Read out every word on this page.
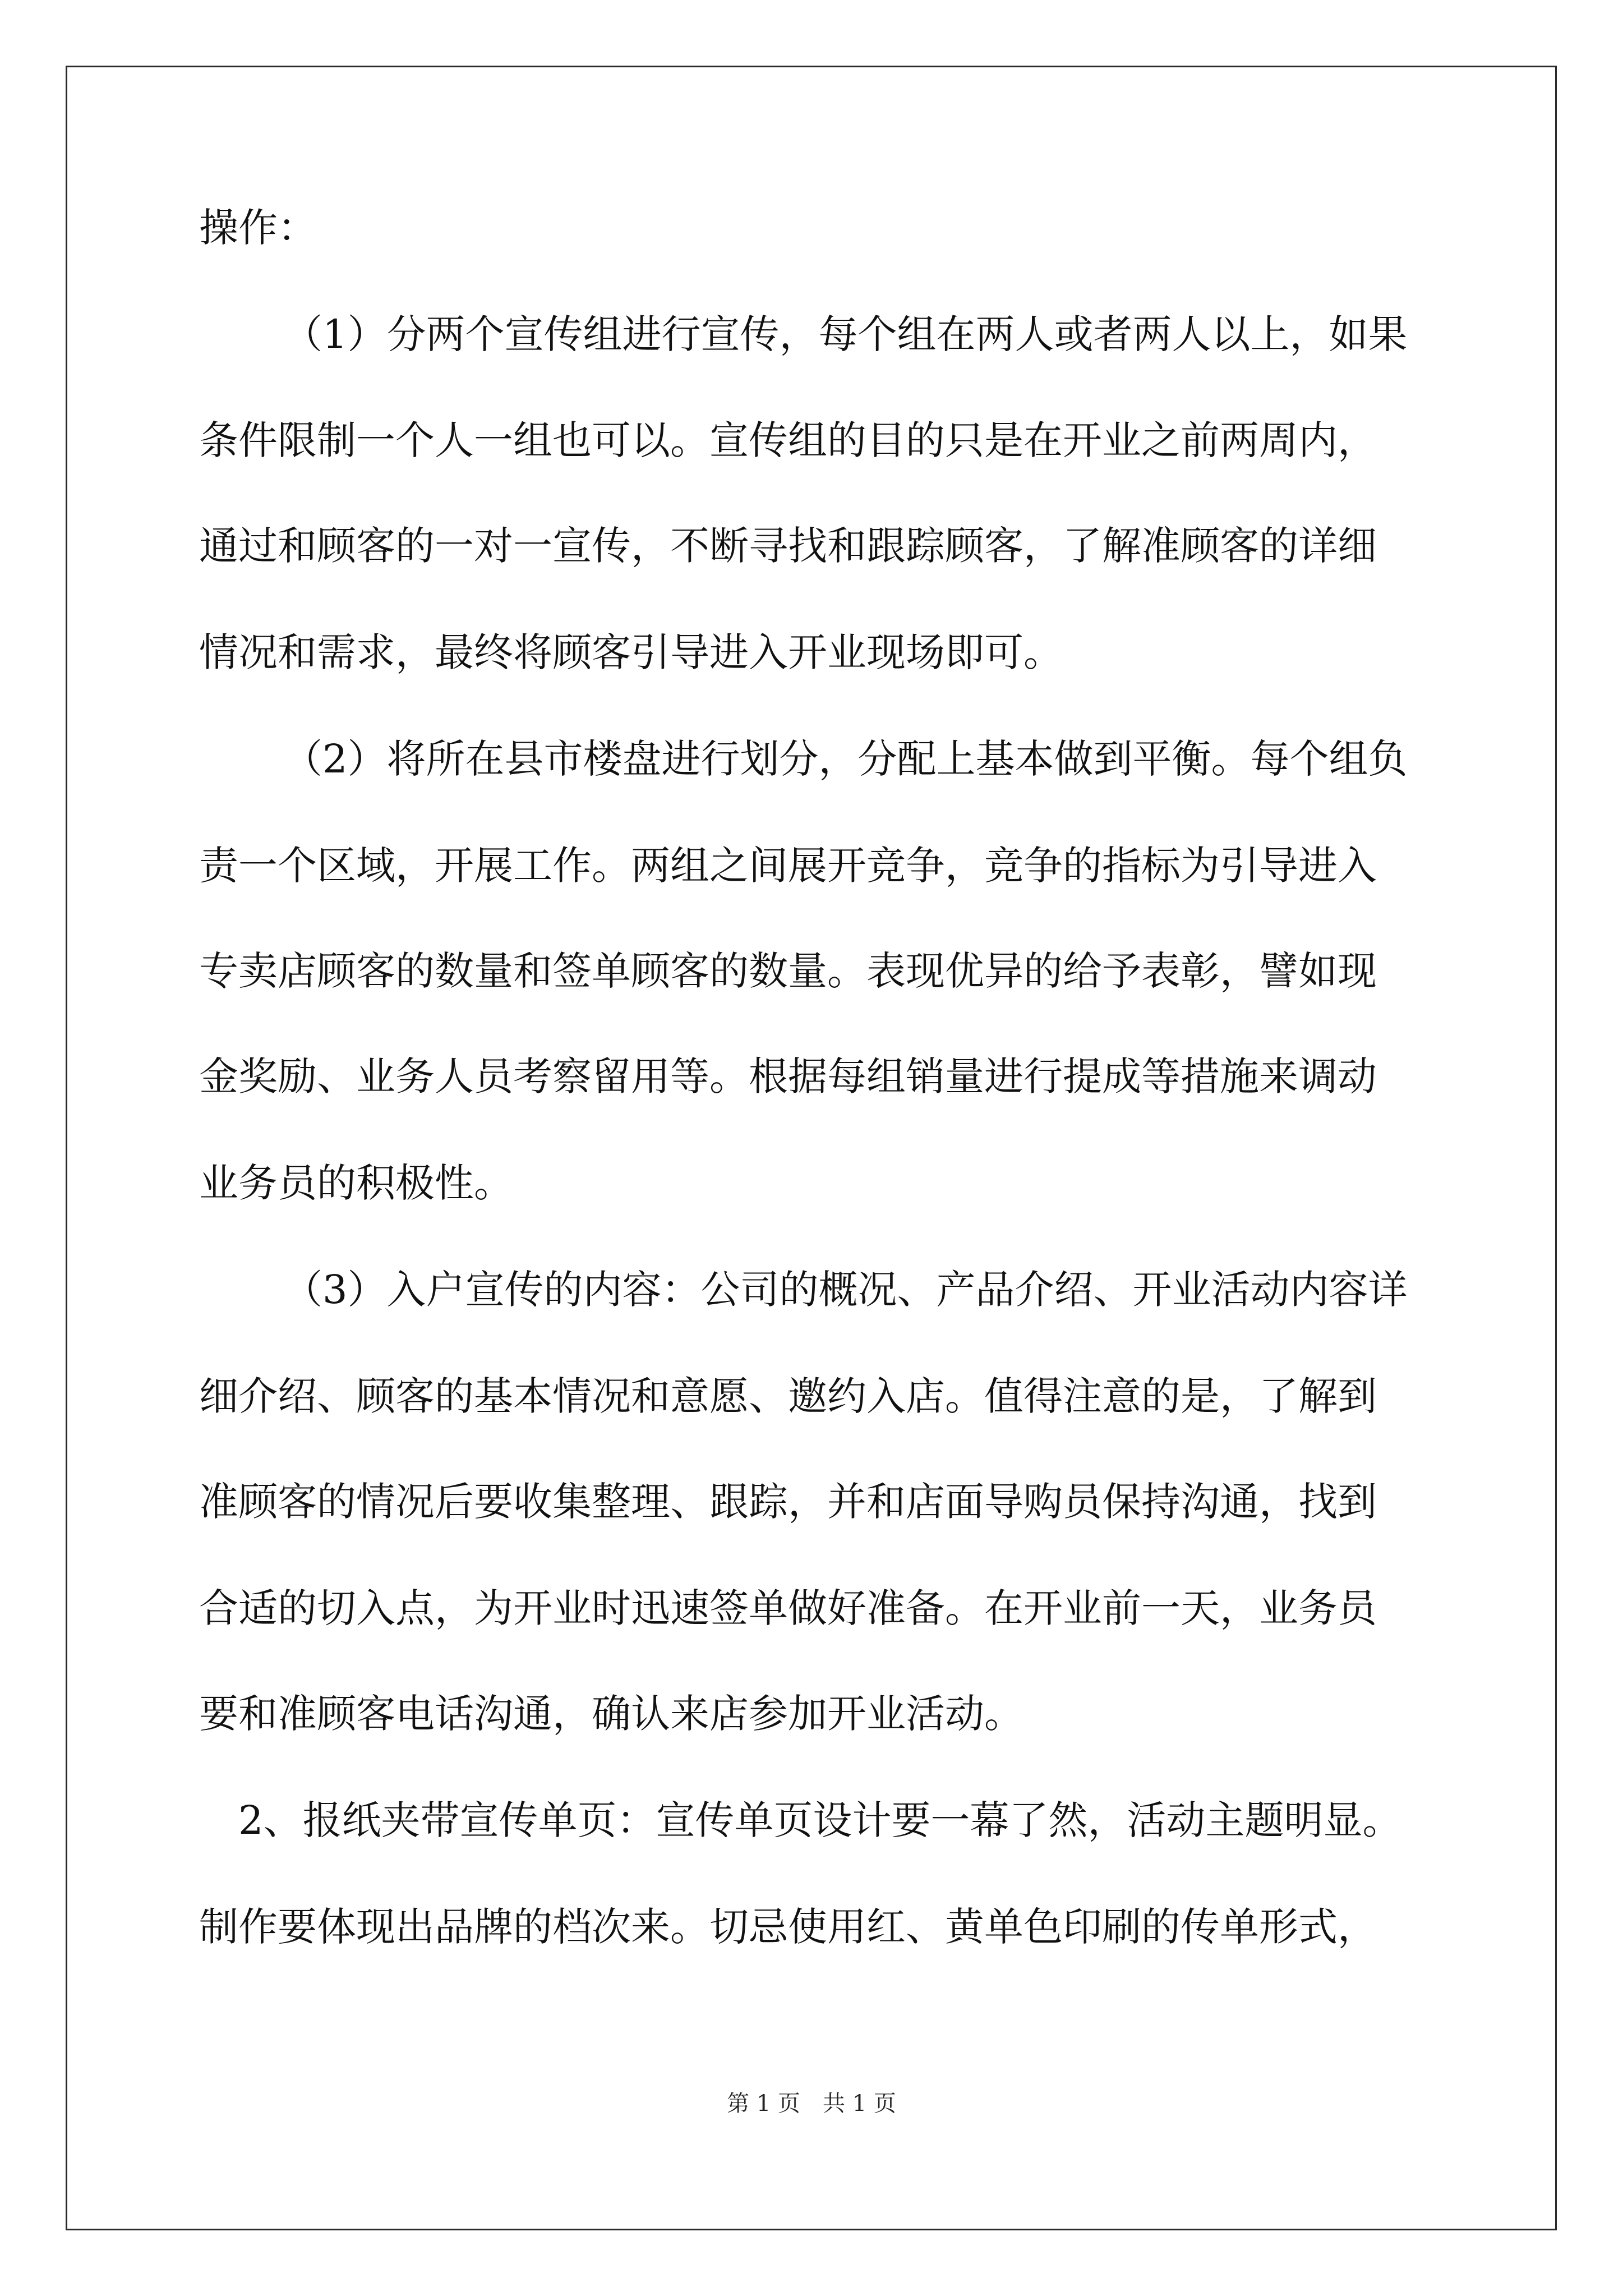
操作：
（1）分两个宣传组进行宣传，每个组在两人或者两人以上，如果
条件限制一个人一组也可以。宣传组的目的只是在开业之前两周内，
通过和顾客的一对一宣传，不断寻找和跟踪顾客，了解准顾客的详细
情况和需求，最终将顾客引导进入开业现场即可。
（2）将所在县市楼盘进行划分，分配上基本做到平衡。每个组负
责一个区域，开展工作。两组之间展开竞争，竞争的指标为引导进入
专卖店顾客的数量和签单顾客的数量。表现优异的给予表彰，譬如现
金奖励、业务人员考察留用等。根据每组销量进行提成等措施来调动
业务员的积极性。
（3）入户宣传的内容：公司的概况、产品介绍、开业活动内容详
细介绍、顾客的基本情况和意愿、邀约入店。值得注意的是，了解到
准顾客的情况后要收集整理、跟踪，并和店面导购员保持沟通，找到
合适的切入点，为开业时迅速签单做好准备。在开业前一天，业务员
要和准顾客电话沟通，确认来店参加开业活动。
2、报纸夹带宣传单页：宣传单页设计要一幕了然，活动主题明显。
制作要体现出品牌的档次来。切忌使用红、黄单色印刷的传单形式，
第 1 页　共 1 页
